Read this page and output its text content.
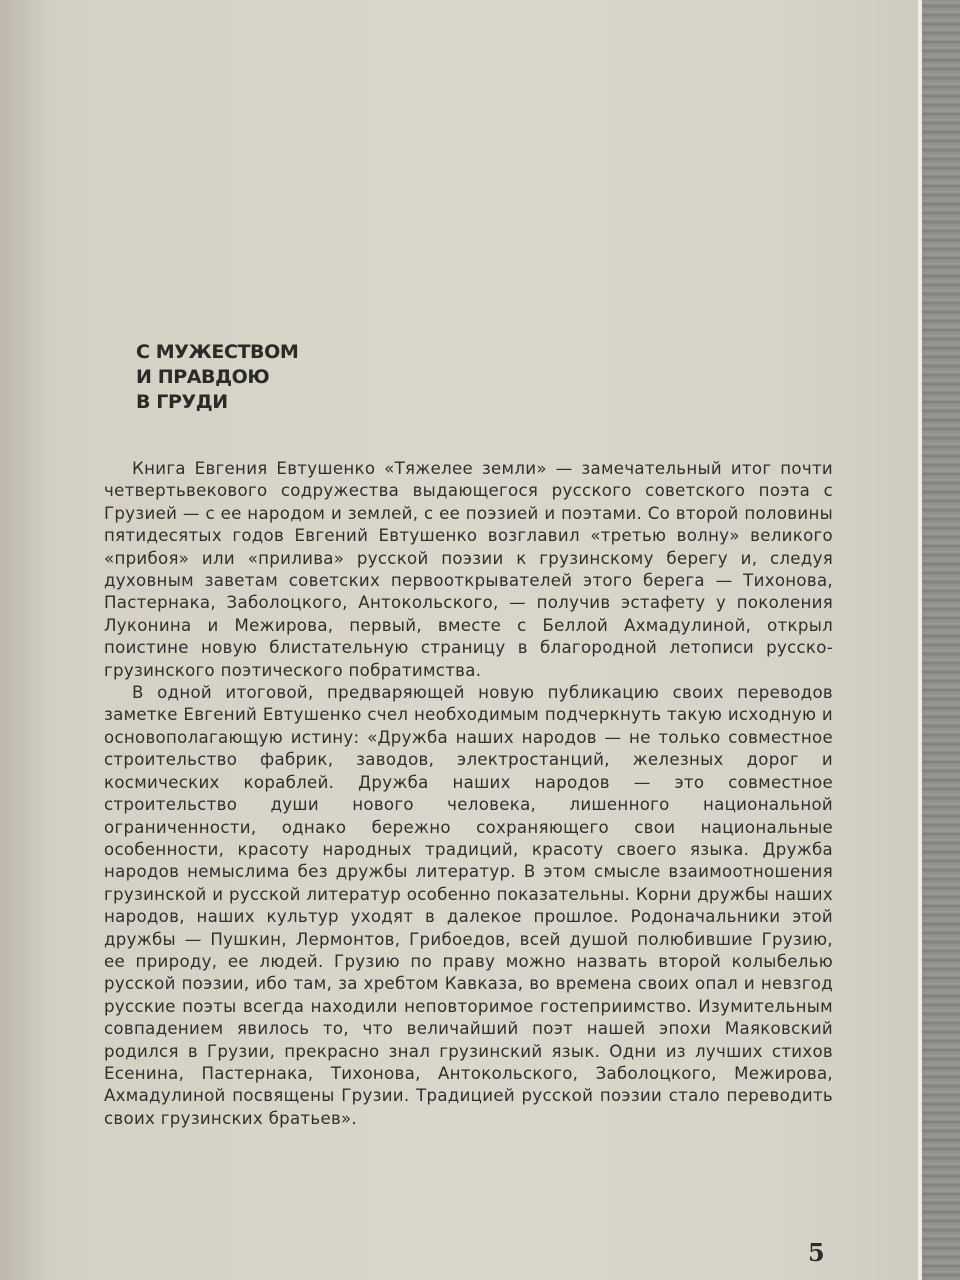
С МУЖЕСТВОМ
И ПРАВДОЮ
В ГРУДИ

Книга Евгения Евтушенко «Тяжелее земли» — замечательный итог почти четвертьвекового содружества выдающегося русского советского поэта с Грузией — с ее народом и землей, с ее поэзией и поэтами. Со второй половины пятидесятых годов Евгений Евтушенко возглавил «третью волну» великого «прибоя» или «прилива» русской поэзии к грузинскому берегу и, следуя духовным заветам советских первооткрывателей этого берега — Тихонова, Пастернака, Заболоцкого, Антокольского, — получив эстафету у поколения Луконина и Межирова, первый, вместе с Беллой Ахмадулиной, открыл поистине новую блистательную страницу в благородной летописи русско-грузинского поэтического побратимства.

В одной итоговой, предваряющей новую публикацию своих переводов заметке Евгений Евтушенко счел необходимым подчеркнуть такую исходную и основополагающую истину: «Дружба наших народов — не только совместное строительство фабрик, заводов, электростанций, железных дорог и космических кораблей. Дружба наших народов — это совместное строительство души нового человека, лишенного национальной ограниченности, однако бережно сохраняющего свои национальные особенности, красоту народных традиций, красоту своего языка. Дружба народов немыслима без дружбы литератур. В этом смысле взаимоотношения грузинской и русской литератур особенно показательны. Корни дружбы наших народов, наших культур уходят в далекое прошлое. Родоначальники этой дружбы — Пушкин, Лермонтов, Грибоедов, всей душой полюбившие Грузию, ее природу, ее людей. Грузию по праву можно назвать второй колыбелью русской поэзии, ибо там, за хребтом Кавказа, во времена своих опал и невзгод русские поэты всегда находили неповторимое гостеприимство. Изумительным совпадением явилось то, что величайший поэт нашей эпохи Маяковский родился в Грузии, прекрасно знал грузинский язык. Одни из лучших стихов Есенина, Пастернака, Тихонова, Антокольского, Заболоцкого, Межирова, Ахмадулиной посвящены Грузии. Традицией русской поэзии стало переводить своих грузинских братьев».

5
